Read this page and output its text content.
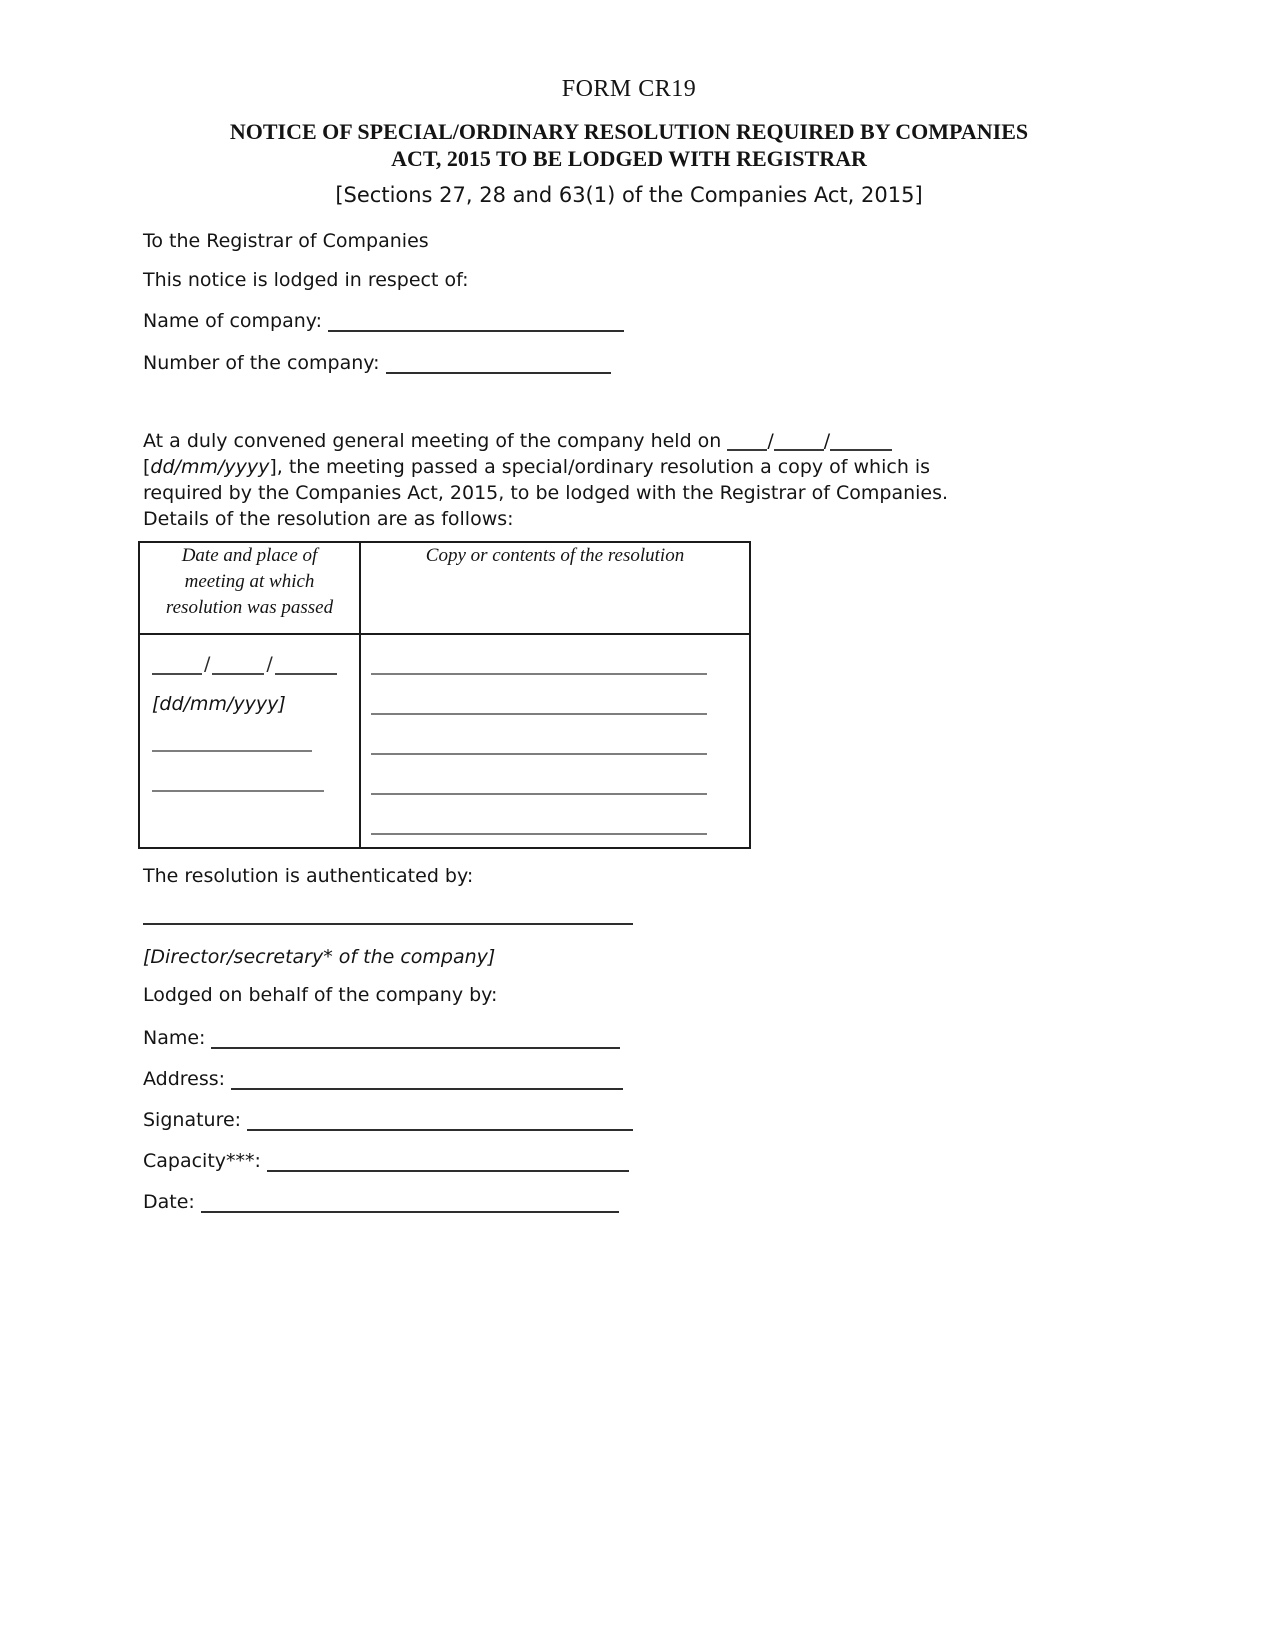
FORM CR19
NOTICE OF SPECIAL/ORDINARY RESOLUTION REQUIRED BY COMPANIES
ACT, 2015 TO BE LODGED WITH REGISTRAR
[Sections 27, 28 and 63(1) of the Companies Act, 2015]
To the Registrar of Companies
This notice is lodged in respect of:
Name of company:
Number of the company:
At a duly convened general meeting of the company held on /	/
[dd/mm/yyyy], the meeting passed a special/ordinary resolution a copy of which is
required by the Companies Act, 2015, to be lodged with the Registrar of Companies.
Details of the resolution are as follows:
Date and place of
meeting at which
resolution was passed	Copy or contents of the resolution

/ /
[dd/mm/yyyy]	

The resolution is authenticated by:
[Director/secretary* of the company]
Lodged on behalf of the company by:
Name:
Address:
Signature:
Capacity***:
Date:
